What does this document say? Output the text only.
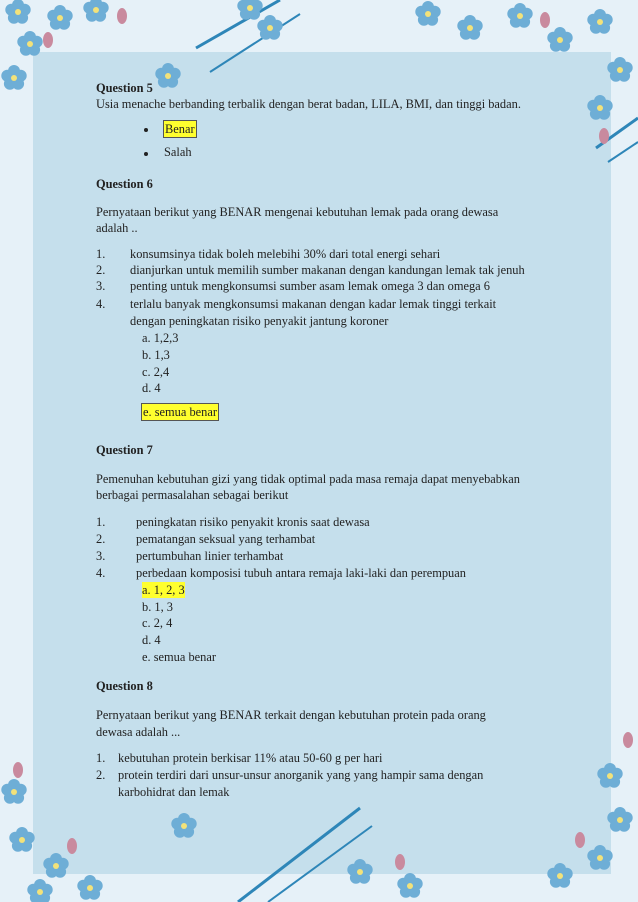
Question 5
Usia menache berbanding terbalik dengan berat badan, LILA, BMI, dan tinggi badan.
Benar
Salah
Question 6
Pernyataan berikut yang BENAR mengenai kebutuhan lemak pada orang dewasa
adalah ..
1. konsumsinya tidak boleh melebihi 30% dari total energi sehari
2. dianjurkan untuk memilih sumber makanan dengan kandungan lemak tak jenuh
3. penting untuk mengkonsumsi sumber asam lemak omega 3 dan omega 6
4. terlalu banyak mengkonsumsi makanan dengan kadar lemak tinggi terkait
dengan peningkatan risiko penyakit jantung koroner
a. 1,2,3
b. 1,3
c. 2,4
d. 4
e. semua benar
Question 7
Pemenuhan kebutuhan gizi yang tidak optimal pada masa remaja dapat menyebabkan
berbagai permasalahan sebagai berikut
1. peningkatan risiko penyakit kronis saat dewasa
2. pematangan seksual yang terhambat
3. pertumbuhan linier terhambat
4. perbedaan komposisi tubuh antara remaja laki-laki dan perempuan
a. 1, 2, 3
b. 1, 3
c. 2, 4
d. 4
e. semua benar
Question 8
Pernyataan berikut yang BENAR terkait dengan kebutuhan protein pada orang
dewasa adalah ...
1. kebutuhan protein berkisar 11% atau 50-60 g per hari
2. protein terdiri dari unsur-unsur anorganik yang yang hampir sama dengan
karbohidrat dan lemak
